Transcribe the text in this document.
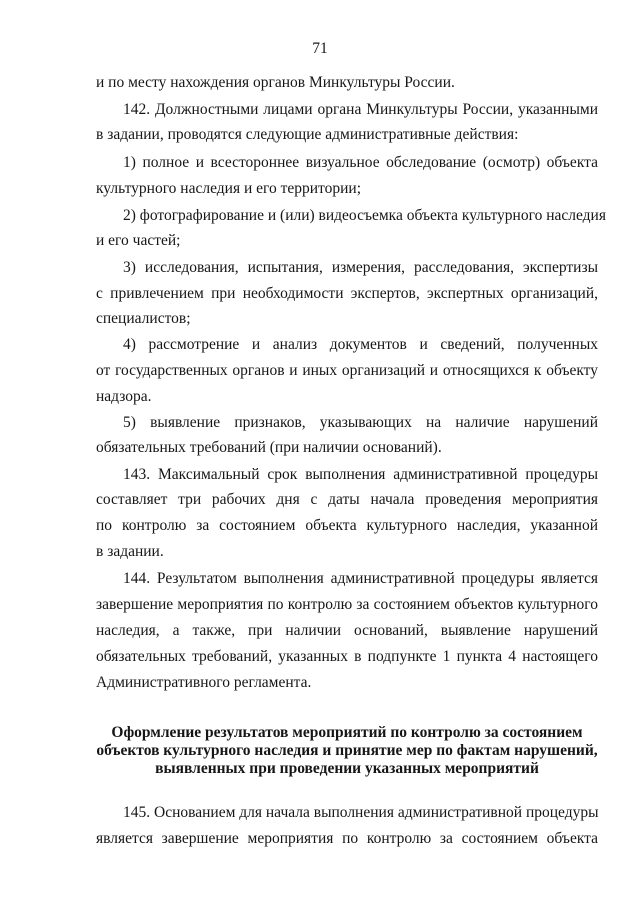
71
и по месту нахождения органов Минкультуры России.
142. Должностными лицами органа Минкультуры России, указанными
в задании, проводятся следующие административные действия:
1) полное и всестороннее визуальное обследование (осмотр) объекта
культурного наследия и его территории;
2) фотографирование и (или) видеосъемка объекта культурного наследия
и его частей;
3) исследования, испытания, измерения, расследования, экспертизы
с привлечением при необходимости экспертов, экспертных организаций,
специалистов;
4) рассмотрение и анализ документов и сведений, полученных
от государственных органов и иных организаций и относящихся к объекту
надзора.
5) выявление признаков, указывающих на наличие нарушений
обязательных требований (при наличии оснований).
143. Максимальный срок выполнения административной процедуры
составляет три рабочих дня с даты начала проведения мероприятия
по контролю за состоянием объекта культурного наследия, указанной
в задании.
144. Результатом выполнения административной процедуры является
завершение мероприятия по контролю за состоянием объектов культурного
наследия, а также, при наличии оснований, выявление нарушений
обязательных требований, указанных в подпункте 1 пункта 4 настоящего
Административного регламента.
Оформление результатов мероприятий по контролю за состоянием
объектов культурного наследия и принятие мер по фактам нарушений,
выявленных при проведении указанных мероприятий
145. Основанием для начала выполнения административной процедуры
является завершение мероприятия по контролю за состоянием объекта
